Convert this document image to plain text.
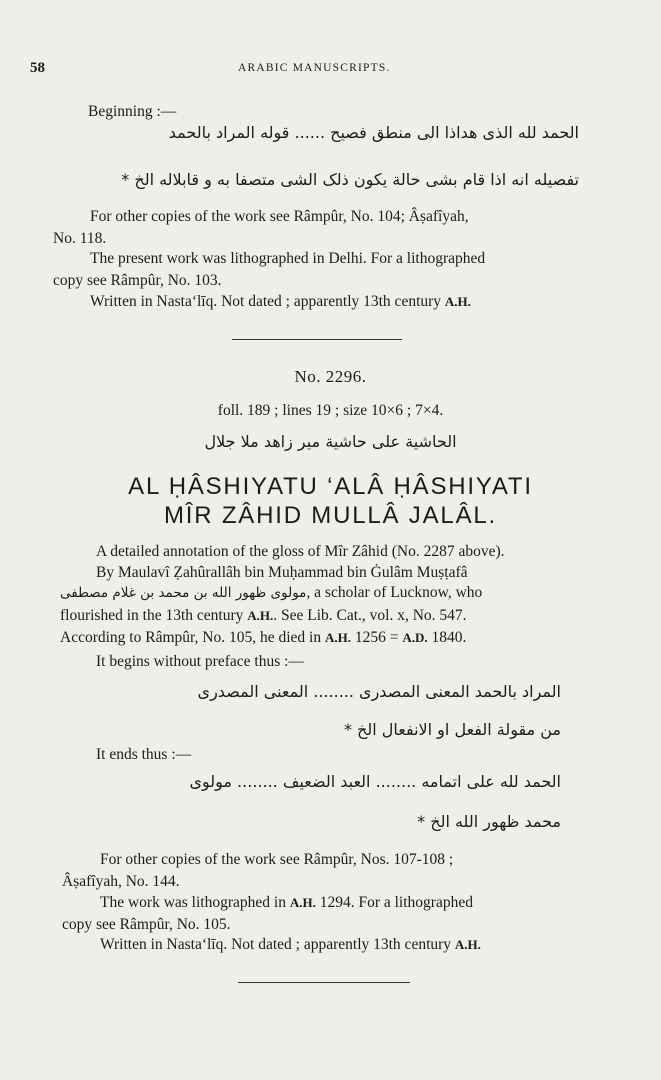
58	ARABIC MANUSCRIPTS.
Beginning :—
الحمد لله الذى هداذا الى منطق فصيح ...... قوله المراد بالحمد
تفصيله انه اذا قام بشى حالة يكون ذلک الشى متصفا به و قابلاله الخ *
For other copies of the work see Râmpûr, No. 104; Âṣafîyah,
No. 118.
The present work was lithographed in Delhi. For a lithographed
copy see Râmpûr, No. 103.
Written in Nasta‘līq. Not dated ; apparently 13th century A.H.
No. 2296.
foll. 189 ; lines 19 ; size 10×6 ; 7×4.
الحاشية على حاشية مير زاهد ملا جلال
AL ḤÂSHIYATU ‘ALÂ ḤÂSHIYATI
MÎR ZÂHID MULLÂ JALÂL.
A detailed annotation of the gloss of Mîr Zâhid (No. 2287 above).
By Maulavî Ẓahûrallâh bin Muḥammad bin Ġulâm Muṣṭafâ
مولوى ظهور الله بن محمد بن غلام مصطفى, a scholar of Lucknow, who
flourished in the 13th century A.H.. See Lib. Cat., vol. x, No. 547.
According to Râmpûr, No. 105, he died in A.H. 1256 = A.D. 1840.
It begins without preface thus :—
المراد بالحمد المعنى المصدرى ........ المعنى المصدرى
من مقولة الفعل او الانفعال الخ *
It ends thus :—
الحمد لله على اتمامه ........ العبد الضعيف ........ مولوى
محمد ظهور الله الخ *
For other copies of the work see Râmpûr, Nos. 107-108 ;
Âṣafîyah, No. 144.
The work was lithographed in A.H. 1294. For a lithographed
copy see Râmpûr, No. 105.
Written in Nasta‘līq. Not dated ; apparently 13th century A.H.
